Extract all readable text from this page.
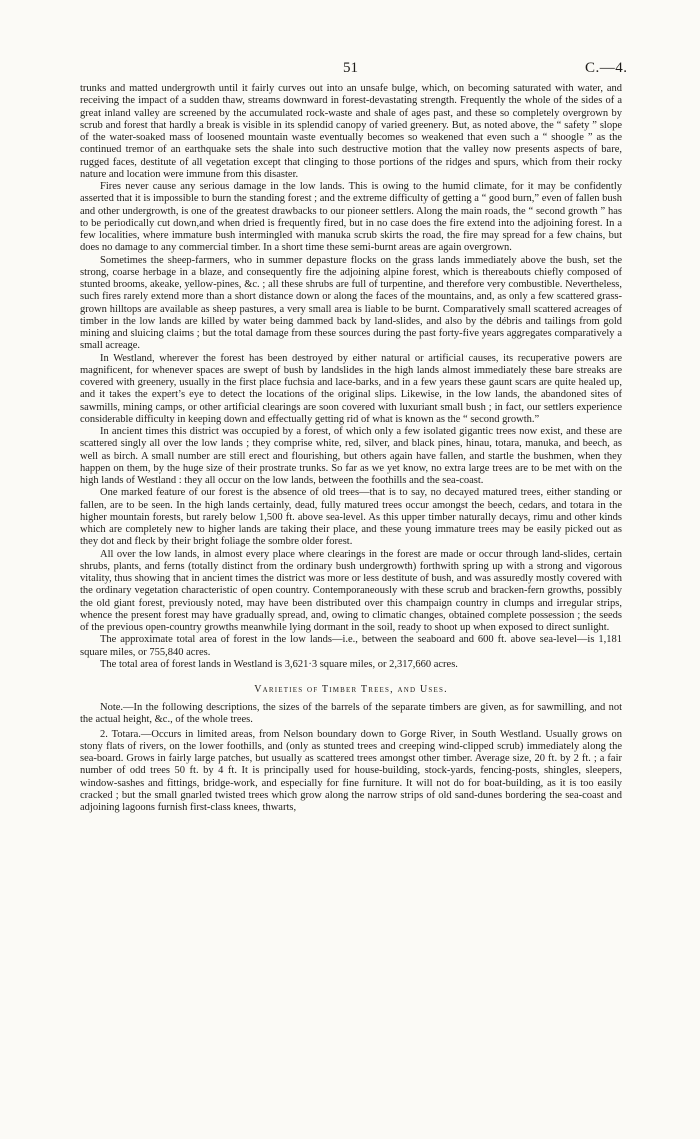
51	C.—4.

trunks and matted undergrowth until it fairly curves out into an unsafe bulge, which, on becoming saturated with water, and receiving the impact of a sudden thaw, streams downward in forest-devastating strength. Frequently the whole of the sides of a great inland valley are screened by the accumulated rock-waste and shale of ages past, and these so completely overgrown by scrub and forest that hardly a break is visible in its splendid canopy of varied greenery. But, as noted above, the “ safety ” slope of the water-soaked mass of loosened mountain waste eventually becomes so weakened that even such a “ shoogle ” as the continued tremor of an earthquake sets the shale into such destructive motion that the valley now presents aspects of bare, rugged faces, destitute of all vegetation except that clinging to those portions of the ridges and spurs, which from their rocky nature and location were immune from this disaster.

Fires never cause any serious damage in the low lands. This is owing to the humid climate, for it may be confidently asserted that it is impossible to burn the standing forest ; and the extreme difficulty of getting a “ good burn,” even of fallen bush and other undergrowth, is one of the greatest drawbacks to our pioneer settlers. Along the main roads, the “ second growth ” has to be periodically cut down,and when dried is frequently fired, but in no case does the fire extend into the adjoining forest. In a few localities, where immature bush intermingled with manuka scrub skirts the road, the fire may spread for a few chains, but does no damage to any commercial timber. In a short time these semi-burnt areas are again overgrown.

Sometimes the sheep-farmers, who in summer depasture flocks on the grass lands immediately above the bush, set the strong, coarse herbage in a blaze, and consequently fire the adjoining alpine forest, which is thereabouts chiefly composed of stunted brooms, akeake, yellow-pines, &c. ; all these shrubs are full of turpentine, and therefore very combustible. Nevertheless, such fires rarely extend more than a short distance down or along the faces of the mountains, and, as only a few scattered grass-grown hilltops are available as sheep pastures, a very small area is liable to be burnt. Comparatively small scattered acreages of timber in the low lands are killed by water being dammed back by land-slides, and also by the débris and tailings from gold mining and sluicing claims ; but the total damage from these sources during the past forty-five years aggregates comparatively a small acreage.

In Westland, wherever the forest has been destroyed by either natural or artificial causes, its recuperative powers are magnificent, for whenever spaces are swept of bush by landslides in the high lands almost immediately these bare streaks are covered with greenery, usually in the first place fuchsia and lace-barks, and in a few years these gaunt scars are quite healed up, and it takes the expert’s eye to detect the locations of the original slips. Likewise, in the low lands, the abandoned sites of sawmills, mining camps, or other artificial clearings are soon covered with luxuriant small bush ; in fact, our settlers experience considerable difficulty in keeping down and effectually getting rid of what is known as the “ second growth.”

In ancient times this district was occupied by a forest, of which only a few isolated gigantic trees now exist, and these are scattered singly all over the low lands ; they comprise white, red, silver, and black pines, hinau, totara, manuka, and beech, as well as birch. A small number are still erect and flourishing, but others again have fallen, and startle the bushmen, when they happen on them, by the huge size of their prostrate trunks. So far as we yet know, no extra large trees are to be met with on the high lands of Westland : they all occur on the low lands, between the foothills and the sea-coast.

One marked feature of our forest is the absence of old trees—that is to say, no decayed matured trees, either standing or fallen, are to be seen. In the high lands certainly, dead, fully matured trees occur amongst the beech, cedars, and totara in the higher mountain forests, but rarely below 1,500 ft. above sea-level. As this upper timber naturally decays, rimu and other kinds which are completely new to higher lands are taking their place, and these young immature trees may be easily picked out as they dot and fleck by their bright foliage the sombre older forest.

All over the low lands, in almost every place where clearings in the forest are made or occur through land-slides, certain shrubs, plants, and ferns (totally distinct from the ordinary bush undergrowth) forthwith spring up with a strong and vigorous vitality, thus showing that in ancient times the district was more or less destitute of bush, and was assuredly mostly covered with the ordinary vegetation characteristic of open country. Contemporaneously with these scrub and bracken-fern growths, possibly the old giant forest, previously noted, may have been distributed over this champaign country in clumps and irregular strips, whence the present forest may have gradually spread, and, owing to climatic changes, obtained complete possession ; the seeds of the previous open-country growths meanwhile lying dormant in the soil, ready to shoot up when exposed to direct sunlight.

The approximate total area of forest in the low lands—i.e., between the seaboard and 600 ft. above sea-level—is 1,181 square miles, or 755,840 acres.

The total area of forest lands in Westland is 3,621·3 square miles, or 2,317,660 acres.

Varieties of Timber Trees, and Uses.

Note.—In the following descriptions, the sizes of the barrels of the separate timbers are given, as for sawmilling, and not the actual height, &c., of the whole trees.

2. Totara.—Occurs in limited areas, from Nelson boundary down to Gorge River, in South Westland. Usually grows on stony flats of rivers, on the lower foothills, and (only as stunted trees and creeping wind-clipped scrub) immediately along the sea-board. Grows in fairly large patches, but usually as scattered trees amongst other timber. Average size, 20 ft. by 2 ft. ; a fair number of odd trees 50 ft. by 4 ft. It is principally used for house-building, stock-yards, fencing-posts, shingles, sleepers, window-sashes and fittings, bridge-work, and especially for fine furniture. It will not do for boat-building, as it is too easily cracked ; but the small gnarled twisted trees which grow along the narrow strips of old sand-dunes bordering the sea-coast and adjoining lagoons furnish first-class knees, thwarts,
